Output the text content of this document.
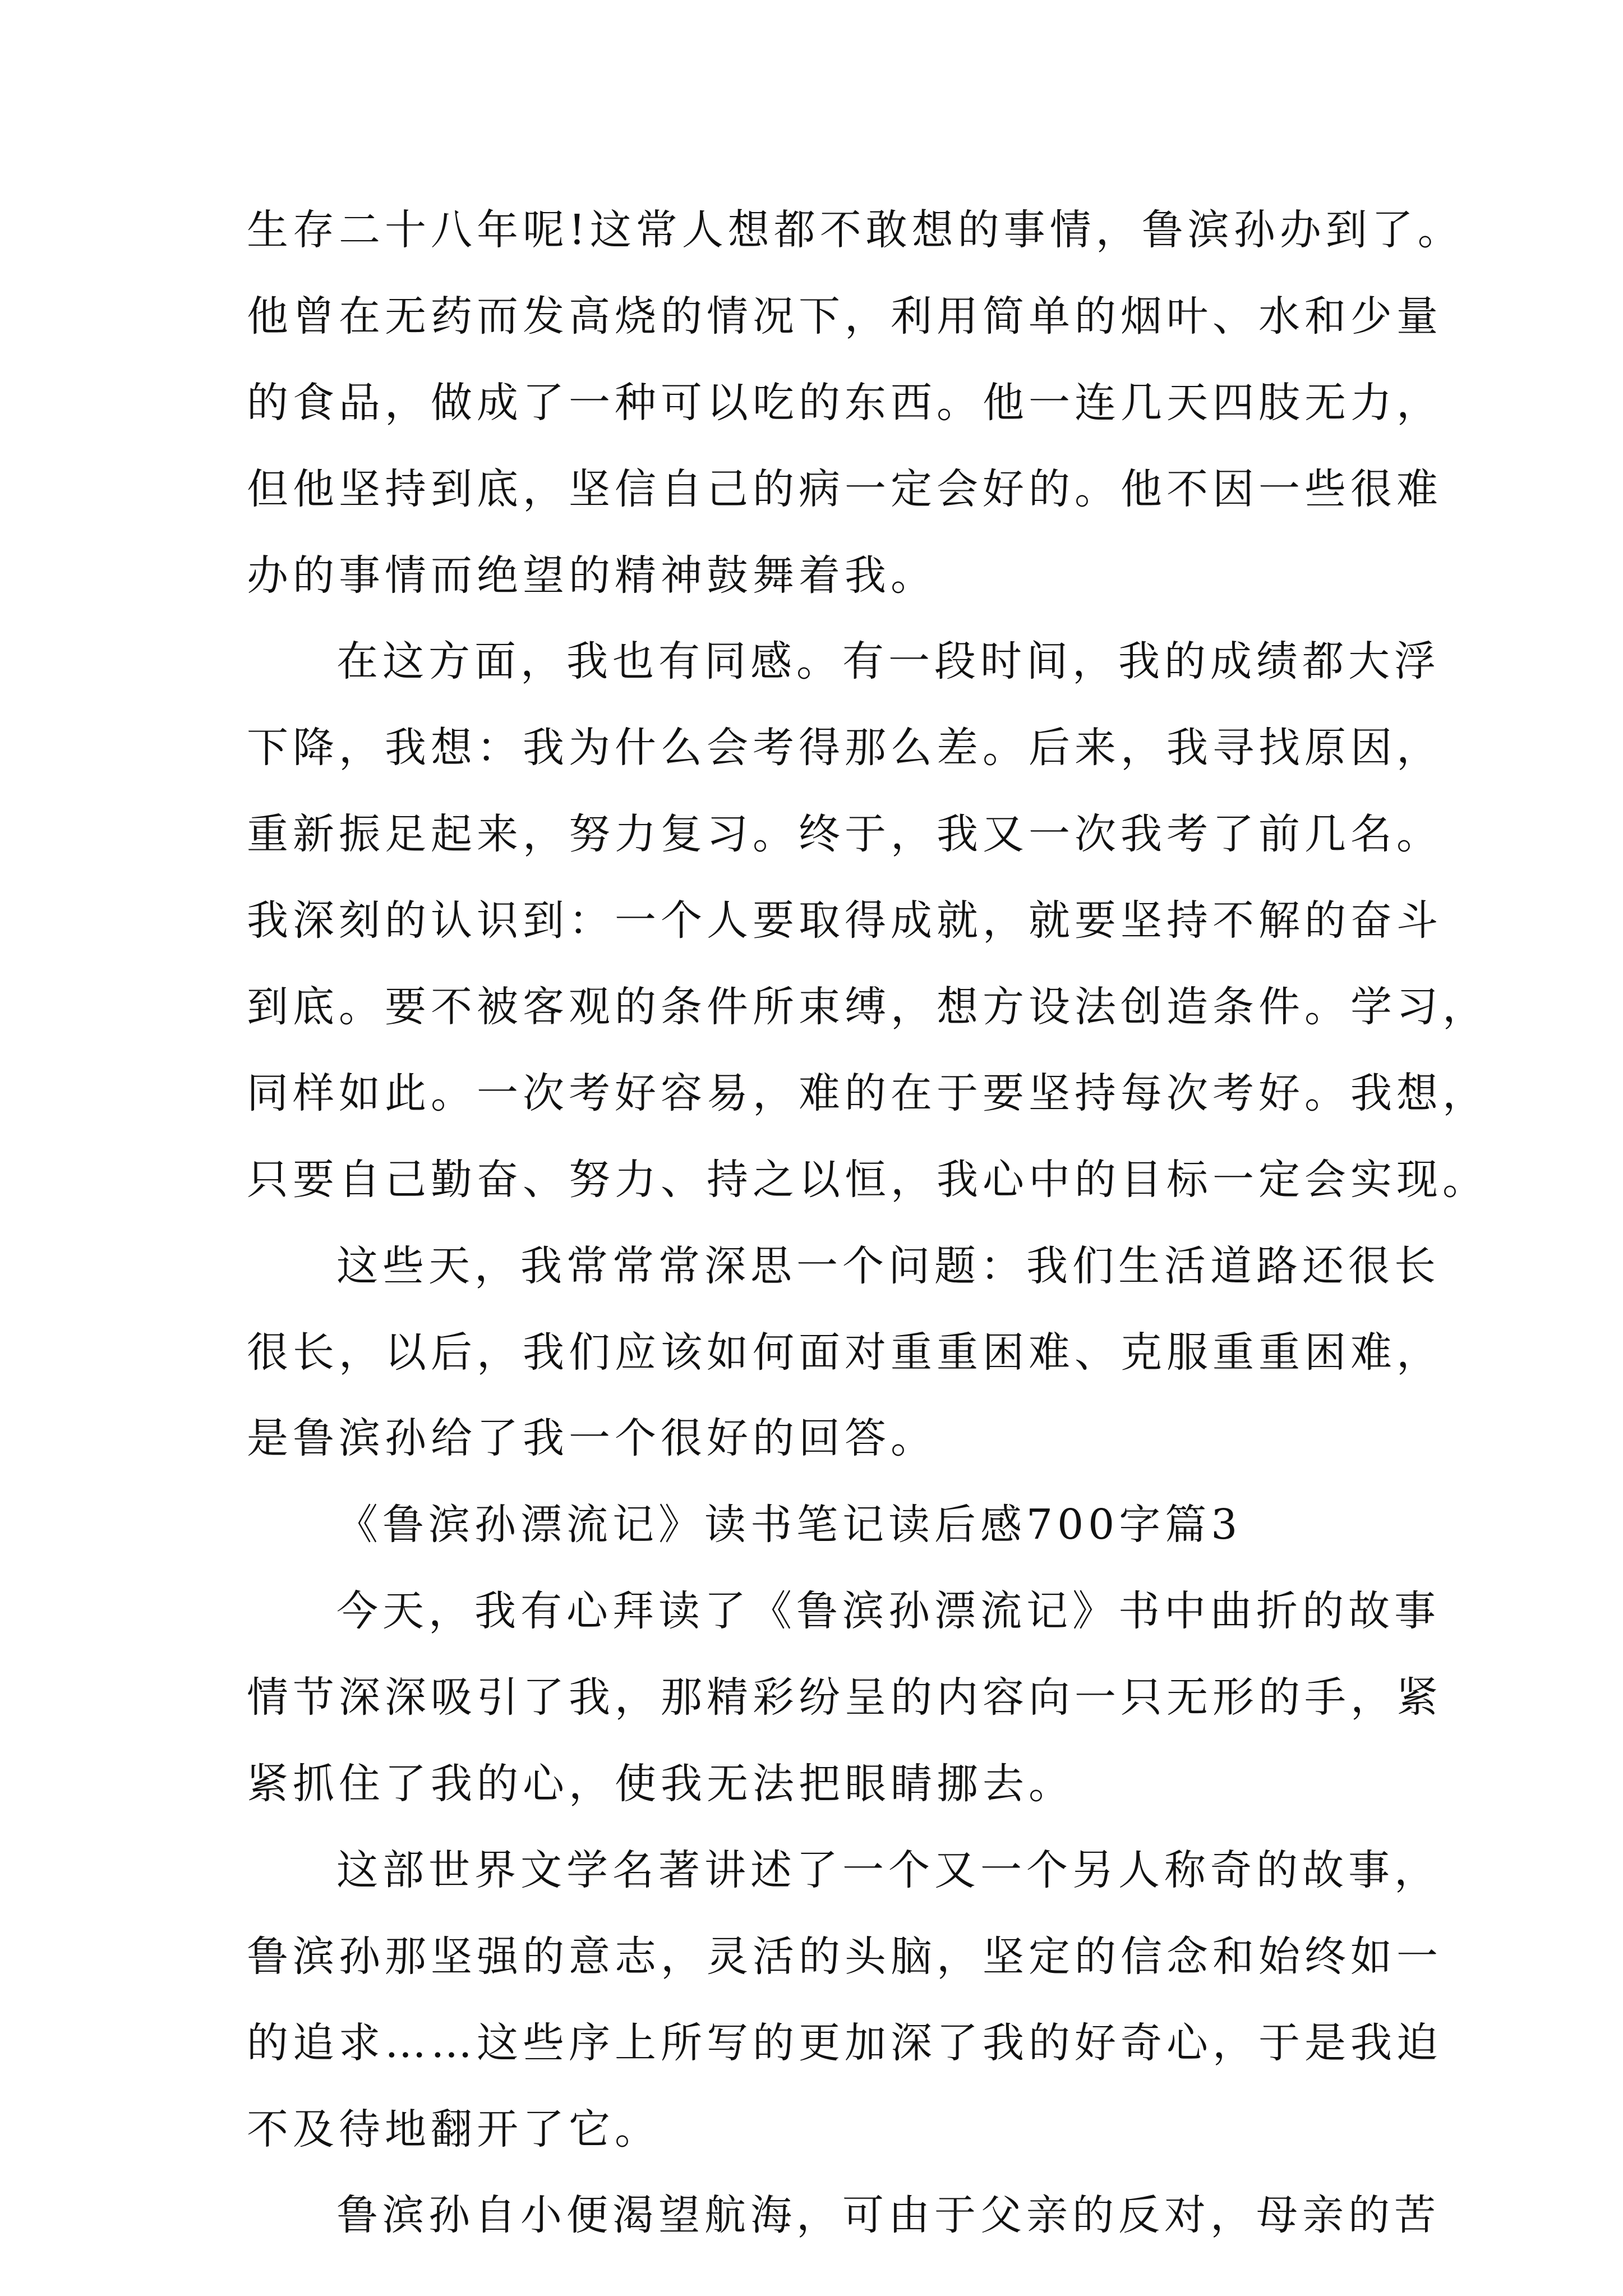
生存二十八年呢!这常人想都不敢想的事情，鲁滨孙办到了。

他曾在无药而发高烧的情况下，利用简单的烟叶、水和少量

的食品，做成了一种可以吃的东西。他一连几天四肢无力，

但他坚持到底，坚信自己的病一定会好的。他不因一些很难

办的事情而绝望的精神鼓舞着我。

在这方面，我也有同感。有一段时间，我的成绩都大浮

下降，我想：我为什么会考得那么差。后来，我寻找原因，

重新振足起来，努力复习。终于，我又一次我考了前几名。

我深刻的认识到：一个人要取得成就，就要坚持不解的奋斗

到底。要不被客观的条件所束缚，想方设法创造条件。学习，

同样如此。一次考好容易，难的在于要坚持每次考好。我想，

只要自己勤奋、努力、持之以恒，我心中的目标一定会实现。

这些天，我常常常深思一个问题：我们生活道路还很长

很长，以后，我们应该如何面对重重困难、克服重重困难，

是鲁滨孙给了我一个很好的回答。

《鲁滨孙漂流记》读书笔记读后感700字篇3

今天，我有心拜读了《鲁滨孙漂流记》书中曲折的故事

情节深深吸引了我，那精彩纷呈的内容向一只无形的手，紧

紧抓住了我的心，使我无法把眼睛挪去。

这部世界文学名著讲述了一个又一个另人称奇的故事，

鲁滨孙那坚强的意志，灵活的头脑，坚定的信念和始终如一

的追求……这些序上所写的更加深了我的好奇心，于是我迫

不及待地翻开了它。

鲁滨孙自小便渴望航海，可由于父亲的反对，母亲的苦
